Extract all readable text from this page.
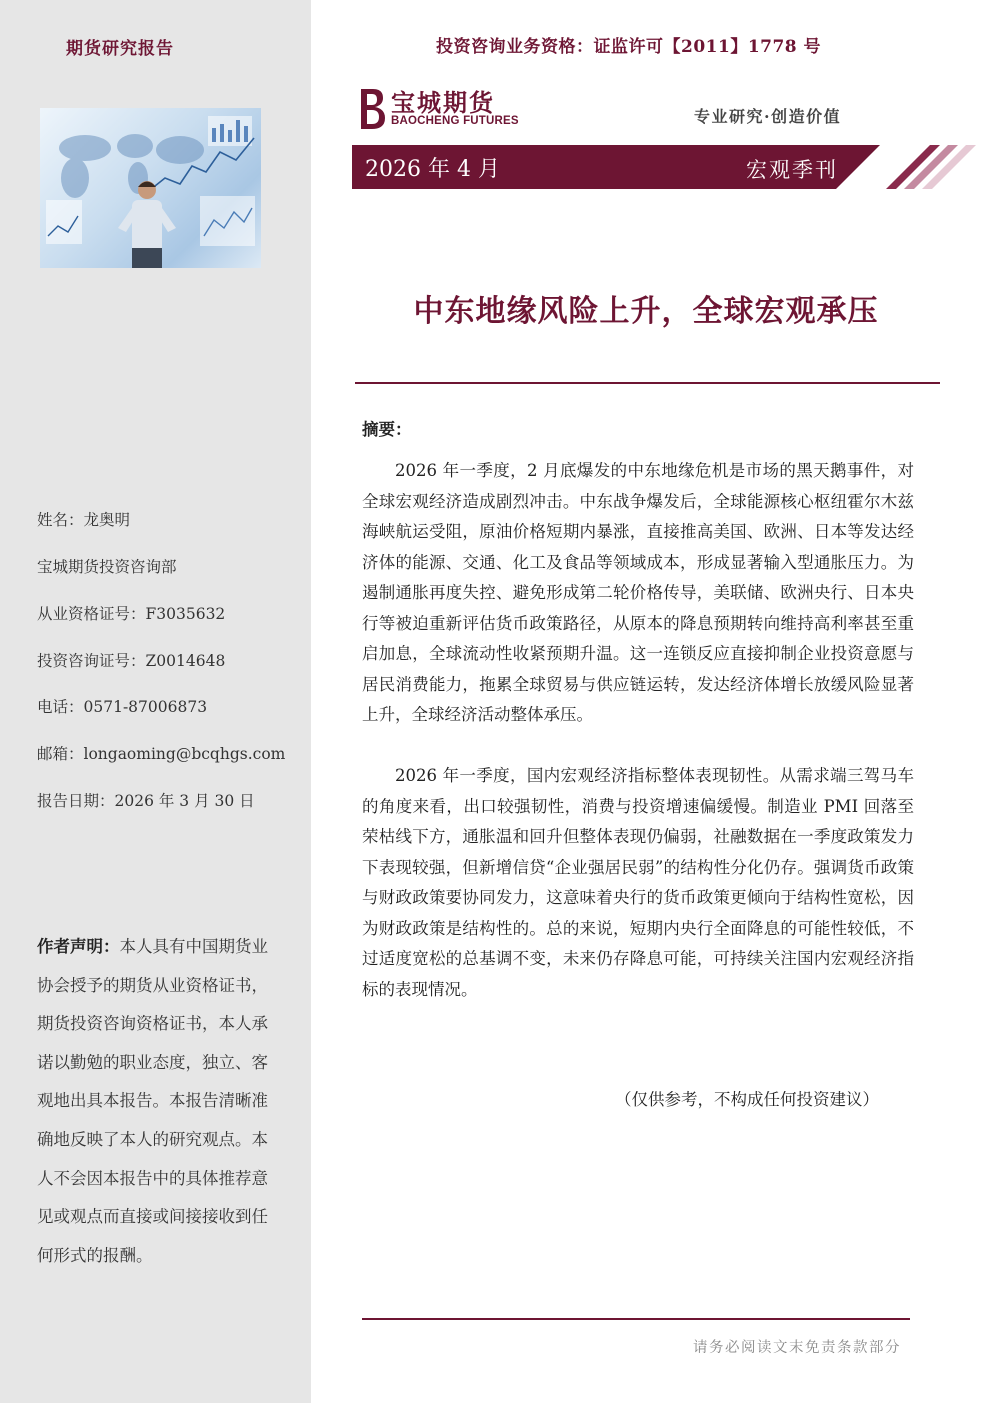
期货研究报告
姓名：龙奥明
宝城期货投资咨询部
从业资格证号：F3035632
投资咨询证号：Z0014648
电话：0571-87006873
邮箱：longaoming@bcqhgs.com
报告日期：2026 年 3 月 30 日
作者声明：本人具有中国期货业协会授予的期货从业资格证书，期货投资咨询资格证书，本人承诺以勤勉的职业态度，独立、客观地出具本报告。本报告清晰准确地反映了本人的研究观点。本人不会因本报告中的具体推荐意见或观点而直接或间接接收到任何形式的报酬。
投资咨询业务资格：证监许可【2011】1778 号
宝城期货
BAOCHENG FUTURES	专业研究·创造价值
2026 年 4 月	宏观季刊
中东地缘风险上升，全球宏观承压
摘要：

2026 年一季度，2 月底爆发的中东地缘危机是市场的黑天鹅事件，对全球宏观经济造成剧烈冲击。中东战争爆发后，全球能源核心枢纽霍尔木兹海峡航运受阻，原油价格短期内暴涨，直接推高美国、欧洲、日本等发达经济体的能源、交通、化工及食品等领域成本，形成显著输入型通胀压力。为遏制通胀再度失控、避免形成第二轮价格传导，美联储、欧洲央行、日本央行等被迫重新评估货币政策路径，从原本的降息预期转向维持高利率甚至重启加息，全球流动性收紧预期升温。这一连锁反应直接抑制企业投资意愿与居民消费能力，拖累全球贸易与供应链运转，发达经济体增长放缓风险显著上升，全球经济活动整体承压。

2026 年一季度，国内宏观经济指标整体表现韧性。从需求端三驾马车的角度来看，出口较强韧性，消费与投资增速偏缓慢。制造业 PMI 回落至荣枯线下方，通胀温和回升但整体表现仍偏弱，社融数据在一季度政策发力下表现较强，但新增信贷“企业强居民弱”的结构性分化仍存。强调货币政策与财政政策要协同发力，这意味着央行的货币政策更倾向于结构性宽松，因为财政政策是结构性的。总的来说，短期内央行全面降息的可能性较低，不过适度宽松的总基调不变，未来仍存降息可能，可持续关注国内宏观经济指标的表现情况。

（仅供参考，不构成任何投资建议）
请务必阅读文末免责条款部分
